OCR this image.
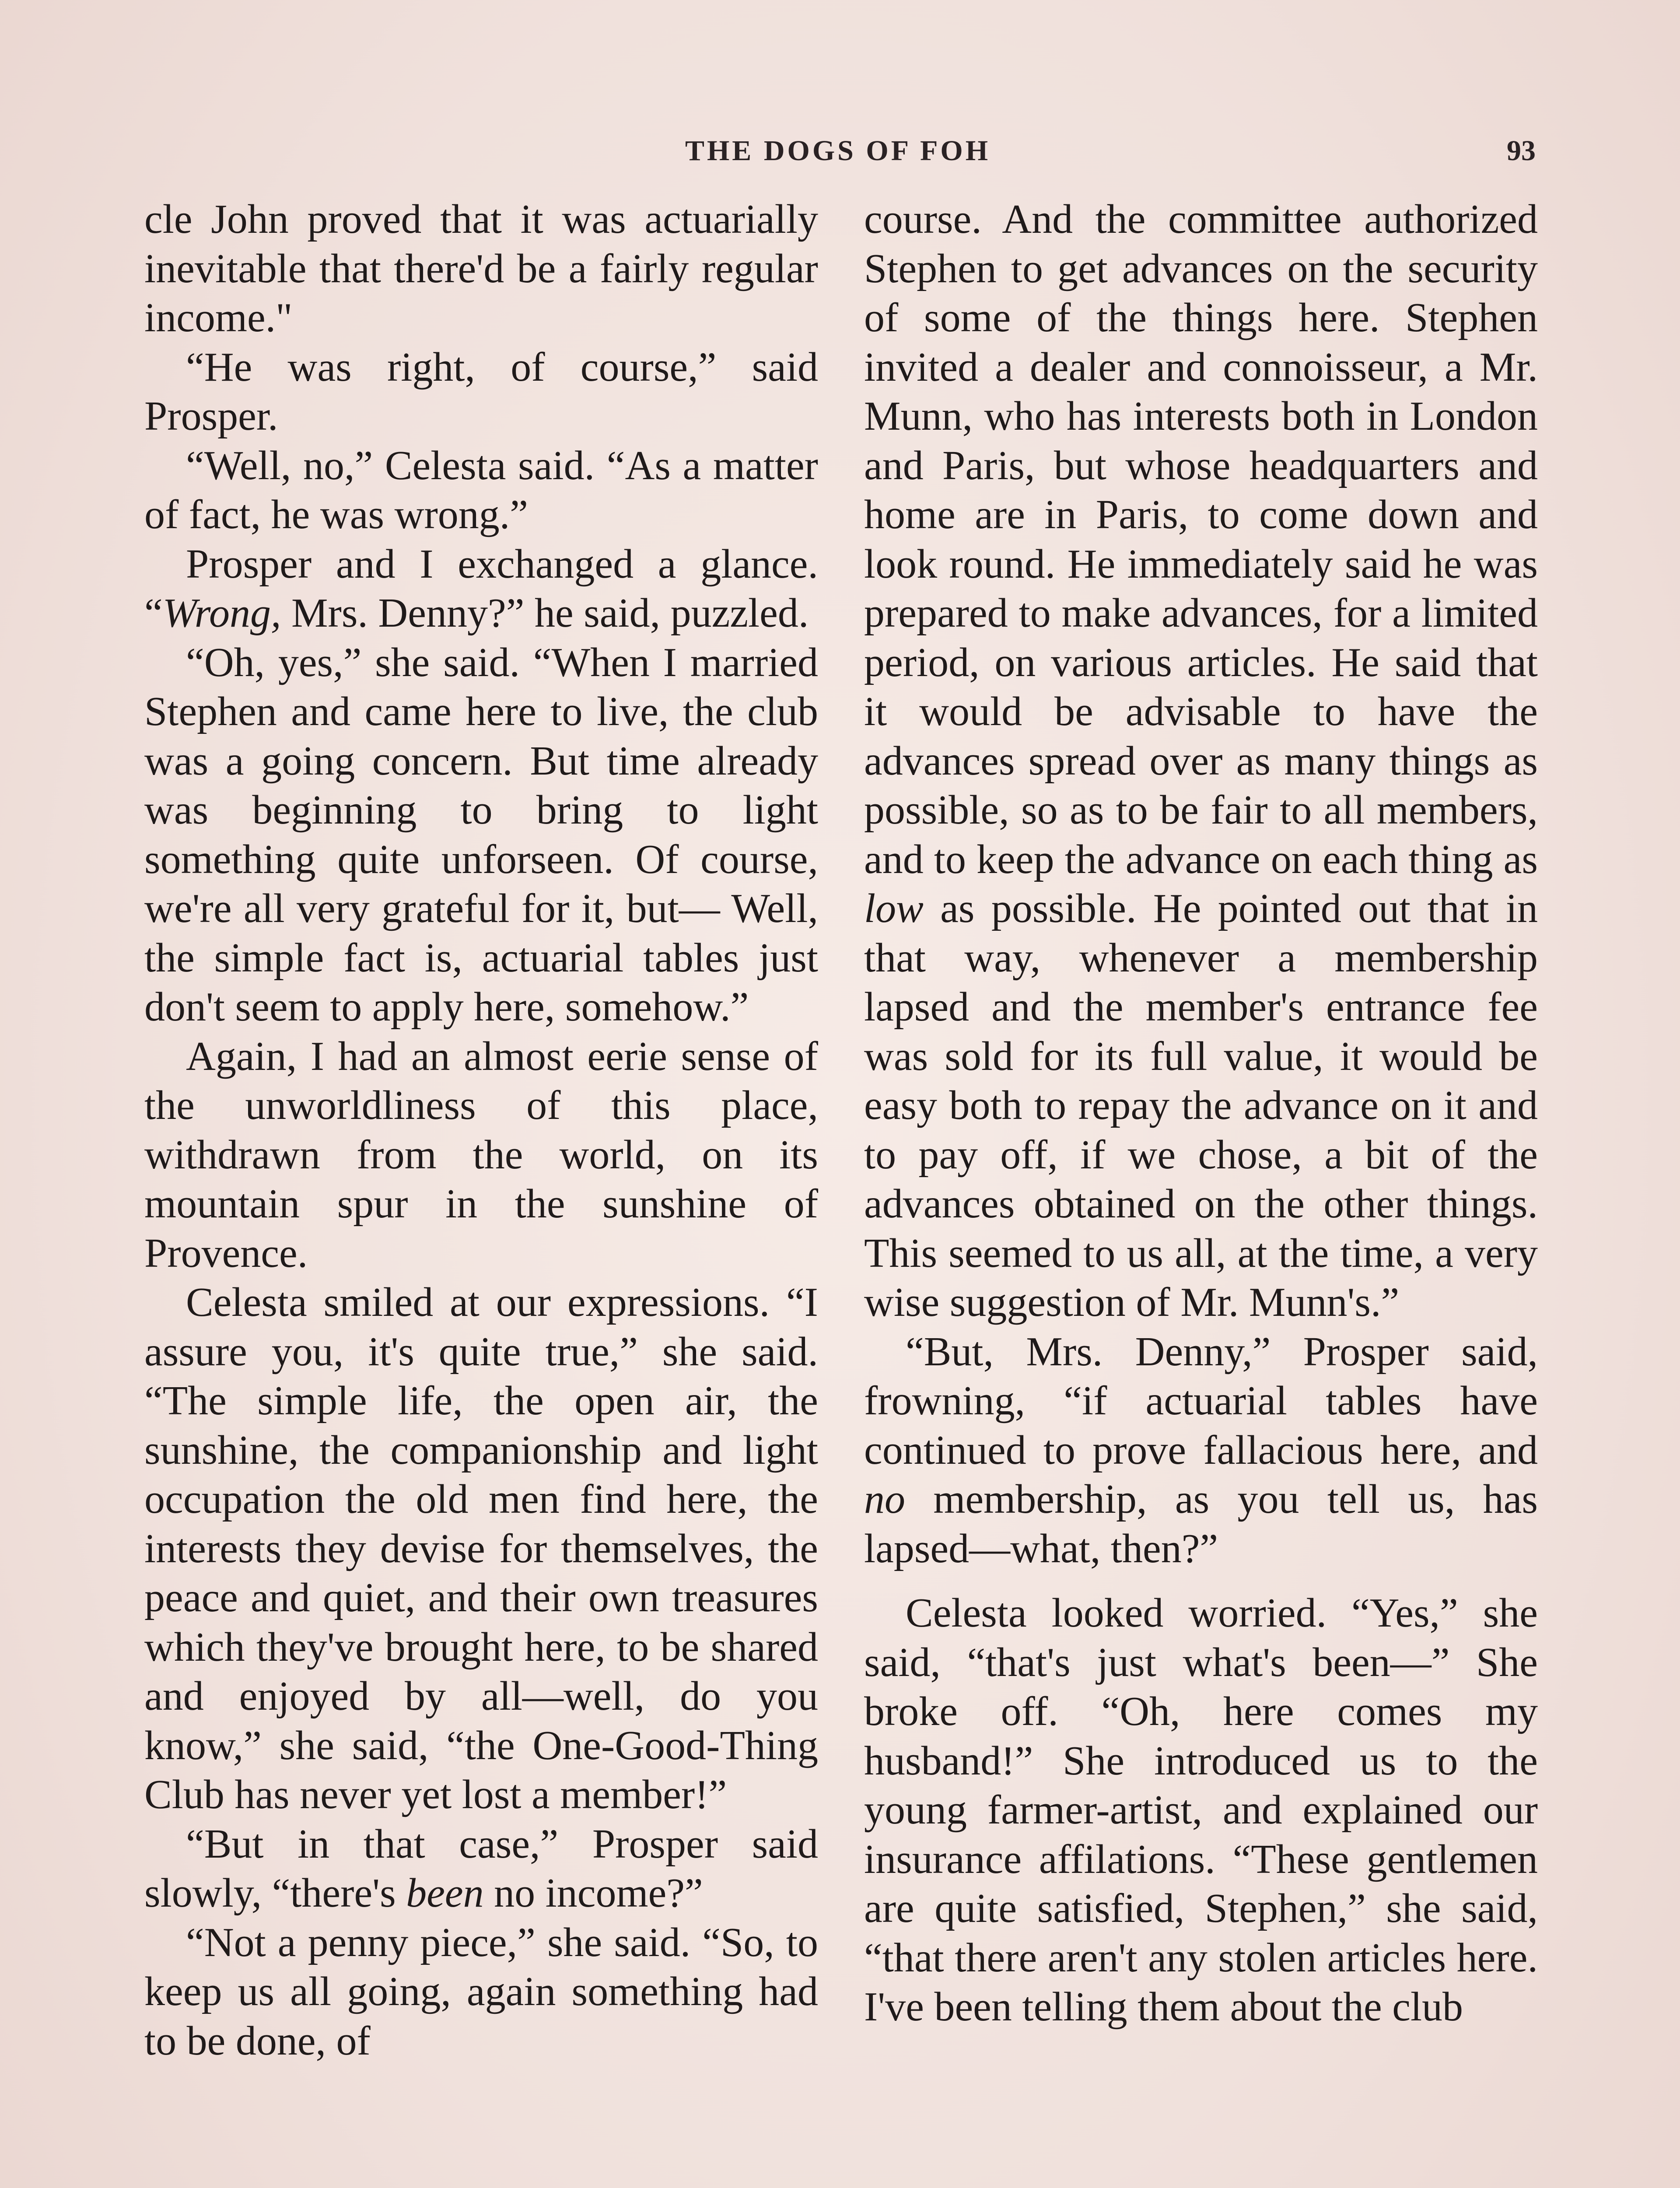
THE DOGS OF FOH	93

cle John proved that it was actuarially inevitable that there'd be a fairly regular income."

“He was right, of course,” said Prosper.

“Well, no,” Celesta said. “As a matter of fact, he was wrong.”

Prosper and I exchanged a glance. “Wrong, Mrs. Denny?” he said, puzzled.

“Oh, yes,” she said. “When I married Stephen and came here to live, the club was a going concern. But time already was beginning to bring to light something quite unforseen. Of course, we're all very grateful for it, but— Well, the simple fact is, actuarial tables just don't seem to apply here, somehow.”

Again, I had an almost eerie sense of the unworldliness of this place, withdrawn from the world, on its mountain spur in the sunshine of Provence.

Celesta smiled at our expressions. “I assure you, it's quite true,” she said. “The simple life, the open air, the sunshine, the companionship and light occupation the old men find here, the interests they devise for themselves, the peace and quiet, and their own treasures which they've brought here, to be shared and enjoyed by all—well, do you know,” she said, “the One-Good-Thing Club has never yet lost a member!”

“But in that case,” Prosper said slowly, “there's been no income?”

“Not a penny piece,” she said. “So, to keep us all going, again something had to be done, of

course. And the committee authorized Stephen to get advances on the security of some of the things here. Stephen invited a dealer and connoisseur, a Mr. Munn, who has interests both in London and Paris, but whose headquarters and home are in Paris, to come down and look round. He immediately said he was prepared to make advances, for a limited period, on various articles. He said that it would be advisable to have the advances spread over as many things as possible, so as to be fair to all members, and to keep the advance on each thing as low as possible. He pointed out that in that way, whenever a membership lapsed and the member's entrance fee was sold for its full value, it would be easy both to repay the advance on it and to pay off, if we chose, a bit of the advances obtained on the other things. This seemed to us all, at the time, a very wise suggestion of Mr. Munn's.”

“But, Mrs. Denny,” Prosper said, frowning, “if actuarial tables have continued to prove fallacious here, and no membership, as you tell us, has lapsed—what, then?”

Celesta looked worried. “Yes,” she said, “that's just what's been—” She broke off. “Oh, here comes my husband!” She introduced us to the young farmer-artist, and explained our insurance affilations. “These gentlemen are quite satisfied, Stephen,” she said, “that there aren't any stolen articles here. I've been telling them about the club
